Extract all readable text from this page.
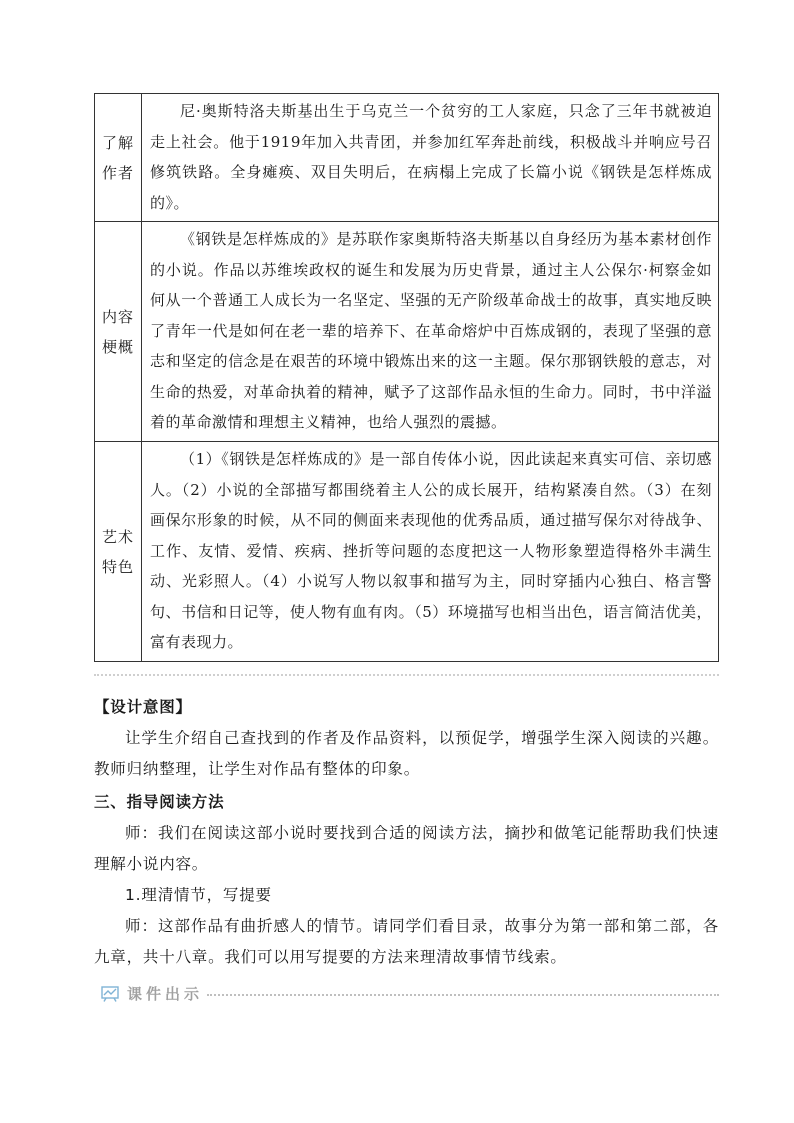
了解
作者	尼·奥斯特洛夫斯基出生于乌克兰一个贫穷的工人家庭，只念了三年书就被迫走上社会。他于1919年加入共青团，并参加红军奔赴前线，积极战斗并响应号召修筑铁路。全身瘫痪、双目失明后，在病榻上完成了长篇小说《钢铁是怎样炼成的》。

内容
梗概	《钢铁是怎样炼成的》是苏联作家奥斯特洛夫斯基以自身经历为基本素材创作的小说。作品以苏维埃政权的诞生和发展为历史背景，通过主人公保尔·柯察金如何从一个普通工人成长为一名坚定、坚强的无产阶级革命战士的故事，真实地反映了青年一代是如何在老一辈的培养下、在革命熔炉中百炼成钢的，表现了坚强的意志和坚定的信念是在艰苦的环境中锻炼出来的这一主题。保尔那钢铁般的意志，对生命的热爱，对革命执着的精神，赋予了这部作品永恒的生命力。同时，书中洋溢着的革命激情和理想主义精神，也给人强烈的震撼。

艺术
特色	（1）《钢铁是怎样炼成的》是一部自传体小说，因此读起来真实可信、亲切感人。（2）小说的全部描写都围绕着主人公的成长展开，结构紧凑自然。（3）在刻画保尔形象的时候，从不同的侧面来表现他的优秀品质，通过描写保尔对待战争、工作、友情、爱情、疾病、挫折等问题的态度把这一人物形象塑造得格外丰满生动、光彩照人。（4）小说写人物以叙事和描写为主，同时穿插内心独白、格言警句、书信和日记等，使人物有血有肉。（5）环境描写也相当出色，语言简洁优美，富有表现力。
【设计意图】
让学生介绍自己查找到的作者及作品资料，以预促学，增强学生深入阅读的兴趣。教师归纳整理，让学生对作品有整体的印象。
三、指导阅读方法
师：我们在阅读这部小说时要找到合适的阅读方法，摘抄和做笔记能帮助我们快速理解小说内容。
1.理清情节，写提要
师：这部作品有曲折感人的情节。请同学们看目录，故事分为第一部和第二部，各九章，共十八章。我们可以用写提要的方法来理清故事情节线索。
课件出示
